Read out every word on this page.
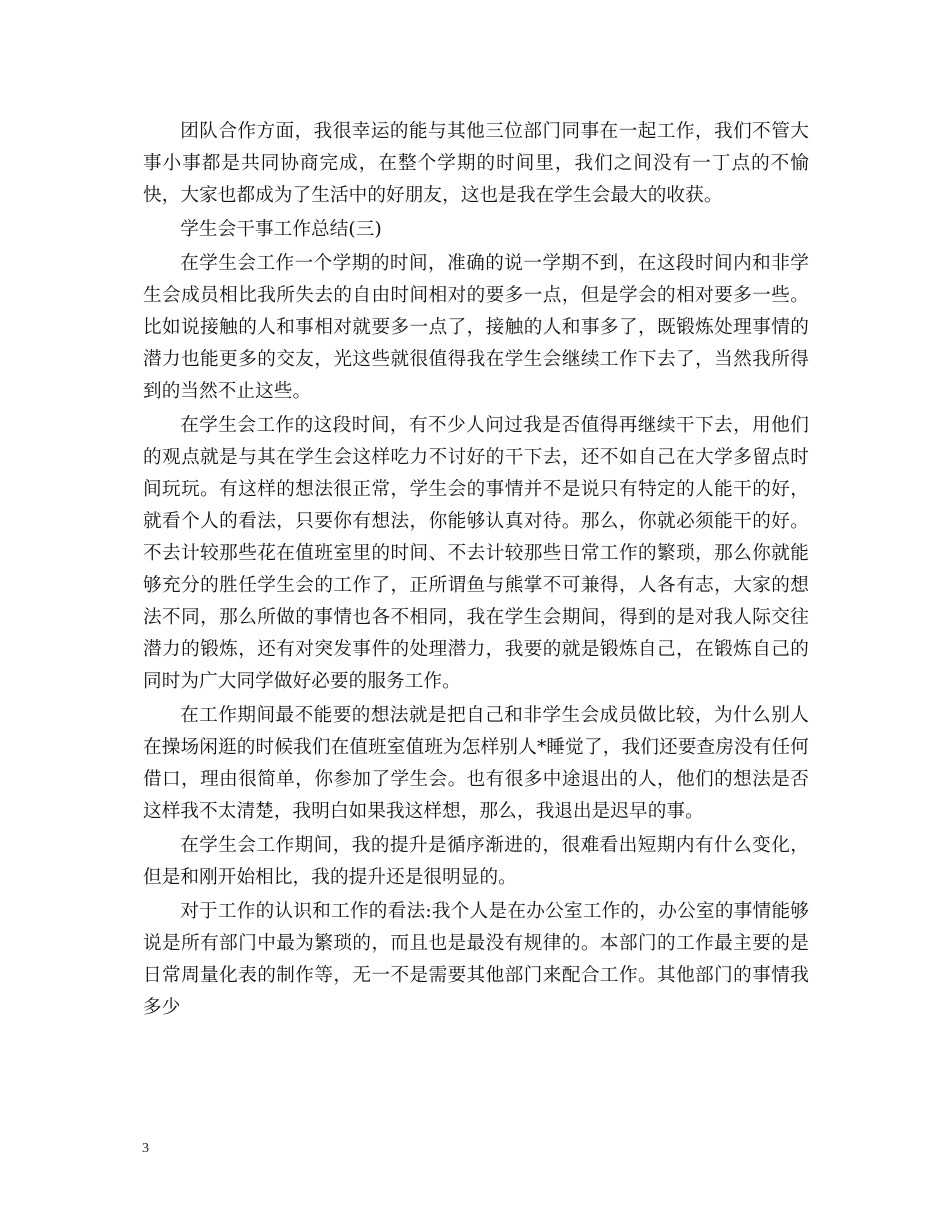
团队合作方面，我很幸运的能与其他三位部门同事在一起工作，我们不管大事小事都是共同协商完成，在整个学期的时间里，我们之间没有一丁点的不愉快，大家也都成为了生活中的好朋友，这也是我在学生会最大的收获。

学生会干事工作总结(三)

在学生会工作一个学期的时间，准确的说一学期不到，在这段时间内和非学生会成员相比我所失去的自由时间相对的要多一点，但是学会的相对要多一些。比如说接触的人和事相对就要多一点了，接触的人和事多了，既锻炼处理事情的潜力也能更多的交友，光这些就很值得我在学生会继续工作下去了，当然我所得到的当然不止这些。

在学生会工作的这段时间，有不少人问过我是否值得再继续干下去，用他们的观点就是与其在学生会这样吃力不讨好的干下去，还不如自己在大学多留点时间玩玩。有这样的想法很正常，学生会的事情并不是说只有特定的人能干的好，就看个人的看法，只要你有想法，你能够认真对待。那么，你就必须能干的好。不去计较那些花在值班室里的时间、不去计较那些日常工作的繁琐，那么你就能够充分的胜任学生会的工作了，正所谓鱼与熊掌不可兼得，人各有志，大家的想法不同，那么所做的事情也各不相同，我在学生会期间，得到的是对我人际交往潜力的锻炼，还有对突发事件的处理潜力，我要的就是锻炼自己，在锻炼自己的同时为广大同学做好必要的服务工作。

在工作期间最不能要的想法就是把自己和非学生会成员做比较，为什么别人在操场闲逛的时候我们在值班室值班为怎样别人*睡觉了，我们还要查房没有任何借口，理由很简单，你参加了学生会。也有很多中途退出的人，他们的想法是否这样我不太清楚，我明白如果我这样想，那么，我退出是迟早的事。

在学生会工作期间，我的提升是循序渐进的，很难看出短期内有什么变化，但是和刚开始相比，我的提升还是很明显的。

对于工作的认识和工作的看法:我个人是在办公室工作的，办公室的事情能够说是所有部门中最为繁琐的，而且也是最没有规律的。本部门的工作最主要的是日常周量化表的制作等，无一不是需要其他部门来配合工作。其他部门的事情我多少

3
